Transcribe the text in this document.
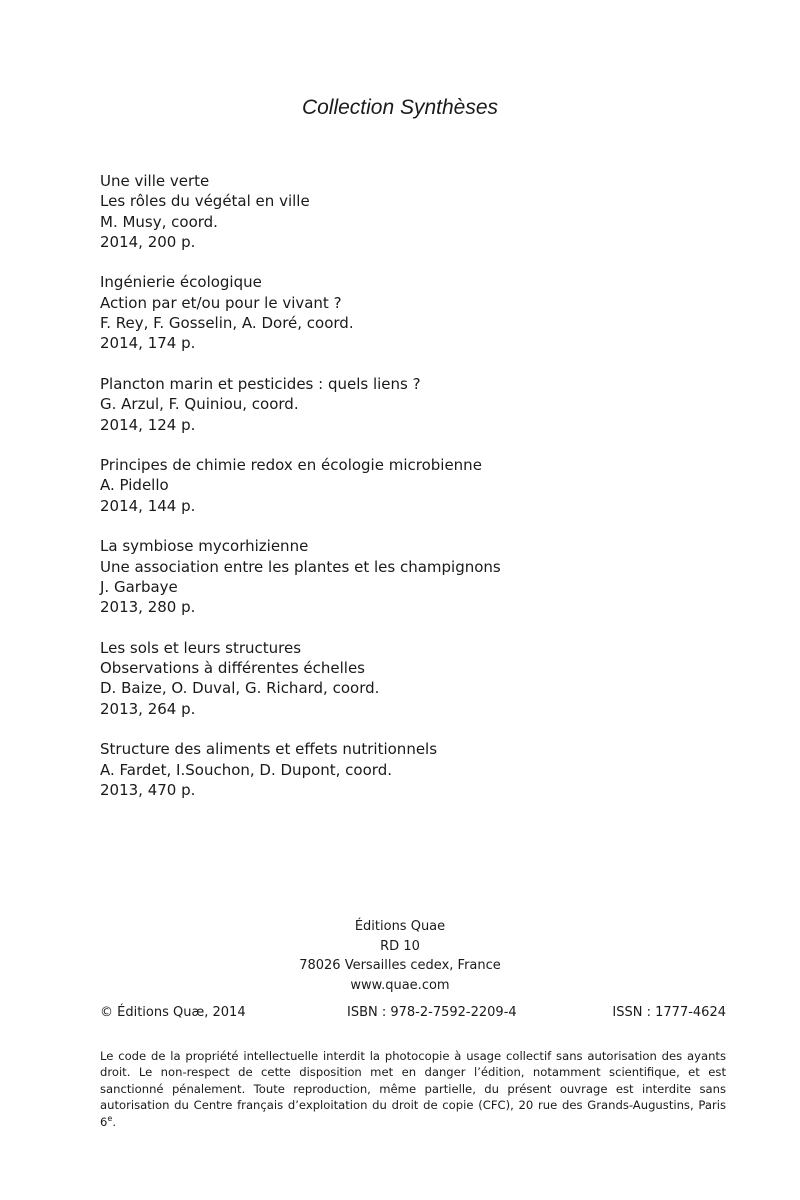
Collection Synthèses
Une ville verte
Les rôles du végétal en ville
M. Musy, coord.
2014, 200 p.
Ingénierie écologique
Action par et/ou pour le vivant ?
F. Rey, F. Gosselin, A. Doré, coord.
2014, 174 p.
Plancton marin et pesticides : quels liens ?
G. Arzul, F. Quiniou, coord.
2014, 124 p.
Principes de chimie redox en écologie microbienne
A. Pidello
2014, 144 p.
La symbiose mycorhizienne
Une association entre les plantes et les champignons
J. Garbaye
2013, 280 p.
Les sols et leurs structures
Observations à différentes échelles
D. Baize, O. Duval, G. Richard, coord.
2013, 264 p.
Structure des aliments et effets nutritionnels
A. Fardet, I.Souchon, D. Dupont, coord.
2013, 470 p.
Éditions Quae
RD 10
78026 Versailles cedex, France
www.quae.com
© Éditions Quæ, 2014	ISBN : 978-2-7592-2209-4	ISSN : 1777-4624

Le code de la propriété intellectuelle interdit la photocopie à usage collectif sans autorisation des ayants droit. Le non-respect de cette disposition met en danger l’édition, notamment scientifique, et est sanctionné pénalement. Toute reproduction, même partielle, du présent ouvrage est interdite sans autorisation du Centre français d’exploitation du droit de copie (CFC), 20 rue des Grands-Augustins, Paris 6e.
